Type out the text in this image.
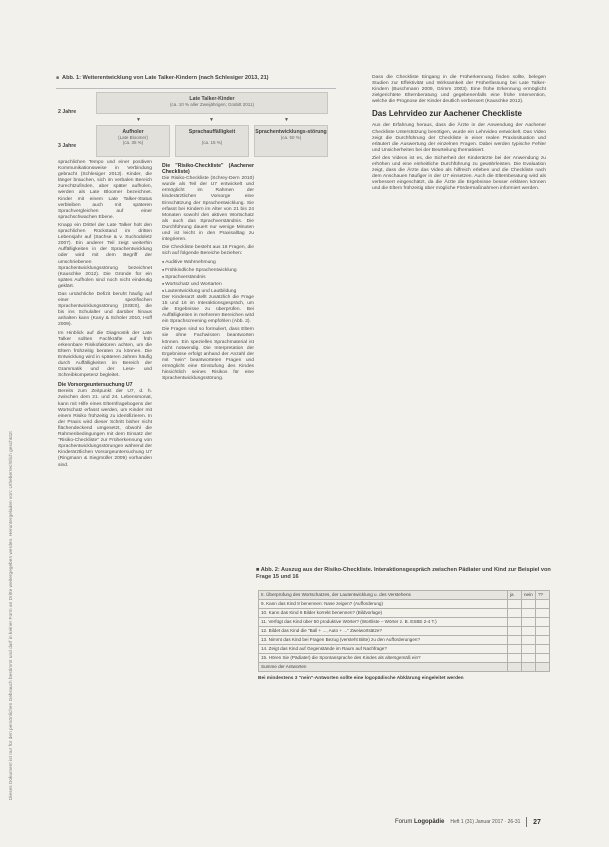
Dieses Dokument ist nur für den persönlichen Gebrauch bestimmt und darf in keiner Form an Dritte weitergegeben werden. Heruntergeladen von: Urheberrechtlich geschützt
■ Abb. 1: Weiterentwicklung von Late Talker-Kindern (nach Schlesiger 2013, 21)
2 Jahre
3 Jahre
Late Talker-Kinder
(ca. 10 % aller Zweijährigen; Grabitt 2011)
▼	▼	▼
Aufholer
(Late Bloomer)
(ca. 35 %)
Sprachauffälligkeit
(ca. 15 %)
Sprachentwicklungs-störung
(ca. 50 %)

sprachlichen Tempo und einer positiven Kommunikationsweise in Verbindung gebracht (Schlesiger 2013). Kinder, die länger brauchen, sich im verbalen Bereich zurechtzufinden, aber später aufholen, werden als Late Bloomer bezeichnet. Kinder mit einem Late Talker-Status verbleiben auch mit späteren Sprachvergleichen auf einer sprachschwachen Ebene.

Knapp ein Drittel der Late Talker holt den sprachlichen Rückstand im dritten Lebensjahr auf (Sachse & v. Suchodoletz 2007). Ein anderer Teil zeigt weiterhin Auffälligkeiten in der Sprachentwicklung oder wird mit dem Begriff der umschriebenen Sprachentwicklungsstörung bezeichnet (Kauschke 2012). Die Gründe für ein spätes Aufholen sind noch nicht eindeutig geklärt.

Das ursächliche Defizit beruht häufig auf einer spezifischen Sprachentwicklungsstörung (SSES), die bis ins Schulalter und darüber hinaus anhalten kann (Kany & Schöler 2010, Hoff 2009).

Im Hinblick auf die Diagnostik der Late Talker sollten Fachkräfte auf früh erkennbare Risikofaktoren achten, um die Eltern frühzeitig beraten zu können. Die Entwicklung wird in späteren Jahren häufig durch Auffälligkeiten im Bereich der Grammatik und der Lese- und Schreibkompetenz begleitet.

Die Vorsorgeuntersuchung U7

Bereits zum Zeitpunkt der U7, d. h. zwischen dem 21. und 24. Lebensmonat, kann mit Hilfe eines Elternfragebogens der Wortschatz erfasst werden, um Kinder mit einem Risiko frühzeitig zu identifizieren. In der Praxis wird dieser Schritt bisher nicht flächendeckend umgesetzt, obwohl die Rahmenbedingungen mit dem Einsatz der "Risiko-Checkliste" zur Früherkennung von Sprachentwicklungsstörungen während der Kinderärztlichen Vorsorgeuntersuchung U7 (Ringmann & Siegmüller 2009) vorhanden sind.

Die "Risiko-Checkliste" (Aachener Checkliste)

Die Risiko-Checkliste (Schrey-Dern 2010) wurde als Teil der U7 entwickelt und ermöglicht im Rahmen der kinderärztlichen Vorsorge eine Einschätzung der Sprachentwicklung. Sie erfasst bei Kindern im Alter von 21 bis 24 Monaten sowohl den aktiven Wortschatz als auch das Sprachverständnis. Die Durchführung dauert nur wenige Minuten und ist leicht in den Praxisalltag zu integrieren.

Die Checkliste besteht aus 16 Fragen, die sich auf folgende Bereiche beziehen:

■ Auditive Wahrnehmung
■ Frühkindliche Sprachentwicklung
■ Sprachverständnis
■ Wortschatz und Wortarten
■ Lautentwicklung und Lautbildung

Der Kinderarzt stellt zusätzlich die Frage 15 und 16 im Interaktionsgespräch, um die Ergebnisse zu überprüfen. Bei Auffälligkeiten in mehreren Bereichen wird ein Sprachscreening empfohlen (Abb. 2).

Die Fragen sind so formuliert, dass Eltern sie ohne Fachwissen beantworten können. Ein spezielles Sprachmaterial ist nicht notwendig. Die Interpretation der Ergebnisse erfolgt anhand der Anzahl der mit "nein" beantworteten Fragen und ermöglicht eine Einstufung des Kindes hinsichtlich seines Risikos für eine Sprachentwicklungsstörung.

Dass die Checkliste Eingang in die Früherkennung finden sollte, belegen Studien zur Effektivität und Wirksamkeit der Früherfassung bei Late Talker-Kindern (Buschmann 2009, Grimm 2003). Eine frühe Erkennung ermöglicht zielgerichtete Elternberatung und gegebenenfalls eine frühe Intervention, welche die Prognose der Kinder deutlich verbessert (Kauschke 2012).

Das Lehrvideo zur Aachener Checkliste

Aus der Erfahrung heraus, dass die Ärzte in der Anwendung der Aachener Checkliste Unterstützung benötigen, wurde ein Lehrvideo entwickelt. Das Video zeigt die Durchführung der Checkliste in einer realen Praxissituation und erläutert die Auswertung der einzelnen Fragen. Dabei werden typische Fehler und Unsicherheiten bei der Beurteilung thematisiert.

Ziel des Videos ist es, die Sicherheit der Kinderärzte bei der Anwendung zu erhöhen und eine einheitliche Durchführung zu gewährleisten. Die Evaluation zeigt, dass die Ärzte das Video als hilfreich erleben und die Checkliste nach dem Anschauen häufiger in der U7 einsetzen. Auch die Elternberatung wird als verbessert eingeschätzt, da die Ärzte die Ergebnisse besser erklären können und die Eltern frühzeitig über mögliche Fördermaßnahmen informiert werden.

■ Abb. 2: Auszug aus der Risiko-Checkliste. Interaktionsgespräch zwischen Pädiater und Kind zur Beispiel von Frage 15 und 16
II. Überprüfung des Wortschatzes, der Lautentwicklung u. des Verstehens	ja	nein	??
9. Kann das Kind 8 benennen: Nase zeigen? (Aufforderung)			
10. Kann das Kind 6 Bilder korrekt benennen? (Bildvorlage)			
11. Verfügt das Kind über 50 produktive Wörter? (Wortliste – Wörter z. B. ESBE 2-4 T.)			
12. Bildet das Kind die "Ball + ..., Auto + ..." Zweiwortsätze?			
13. Nimmt das Kind bei Fragen Bezug (versteht Bitte) zu den Aufforderungen?			
14. Zeigt das Kind auf Gegenstände im Raum auf Nachfrage?			
15. Hören Sie (Pädiater) die Spontansprache des Kindes als altersgemäß ein?			
Summe der Antworten			
Bei mindestens 3 "nein"-Antworten sollte eine logopädische Abklärung eingeleitet werden
Forum Logopädie Heft 1 (31) Januar 2017 · 26-31 27
